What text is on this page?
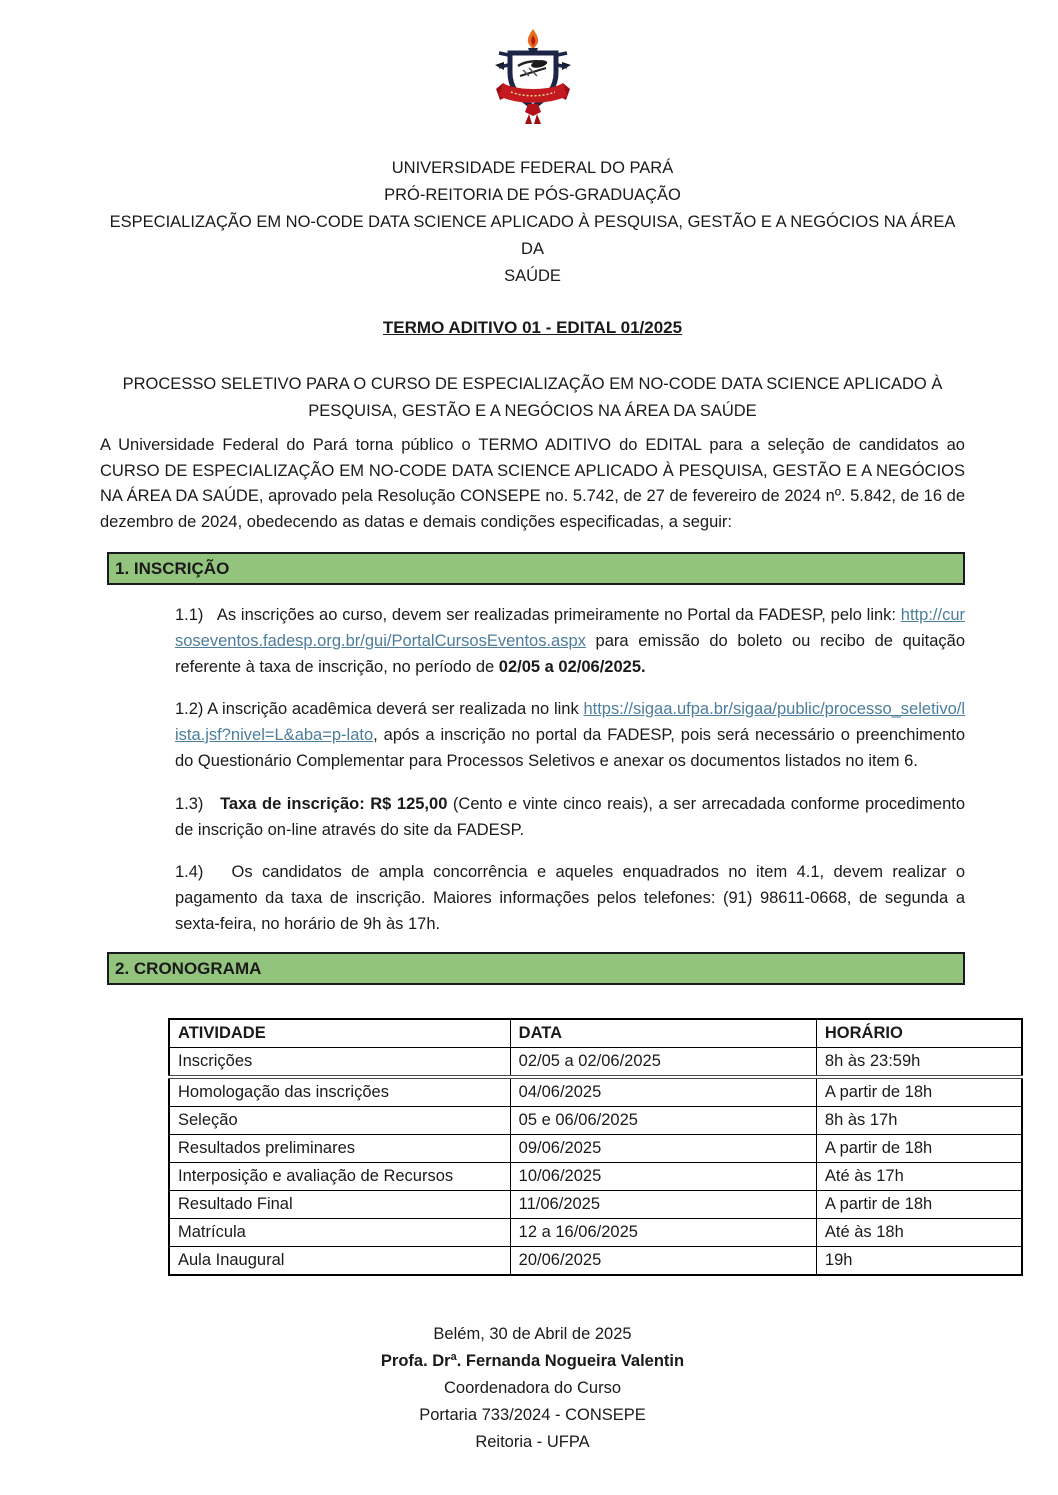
UNIVERSIDADE FEDERAL DO PARÁ
PRÓ-REITORIA DE PÓS-GRADUAÇÃO
ESPECIALIZAÇÃO EM NO-CODE DATA SCIENCE APLICADO À PESQUISA, GESTÃO E A NEGÓCIOS NA ÁREA DA
SAÚDE
TERMO ADITIVO 01 - EDITAL 01/2025
PROCESSO SELETIVO PARA O CURSO DE ESPECIALIZAÇÃO EM NO-CODE DATA SCIENCE APLICADO À
PESQUISA, GESTÃO E A NEGÓCIOS NA ÁREA DA SAÚDE

A Universidade Federal do Pará torna público o TERMO ADITIVO do EDITAL para a seleção de candidatos ao CURSO DE ESPECIALIZAÇÃO EM NO-CODE DATA SCIENCE APLICADO À PESQUISA, GESTÃO E A NEGÓCIOS NA ÁREA DA SAÚDE, aprovado pela Resolução CONSEPE no. 5.742, de 27 de fevereiro de 2024 nº. 5.842, de 16 de dezembro de 2024, obedecendo as datas e demais condições especificadas, a seguir:

1. INSCRIÇÃO

1.1)   As inscrições ao curso, devem ser realizadas primeiramente no Portal da FADESP, pelo link: http://cursoseventos.fadesp.org.br/gui/PortalCursosEventos.aspx para emissão do boleto ou recibo de quitação referente à taxa de inscrição, no período de 02/05 a 02/06/2025.

1.2) A inscrição acadêmica deverá ser realizada no link https://sigaa.ufpa.br/sigaa/public/processo_seletivo/lista.jsf?nivel=L&aba=p-lato, após a inscrição no portal da FADESP, pois será necessário o preenchimento do Questionário Complementar para Processos Seletivos e anexar os documentos listados no item 6.

1.3)   Taxa de inscrição: R$ 125,00 (Cento e vinte cinco reais), a ser arrecadada conforme procedimento de inscrição on-line através do site da FADESP.

1.4)   Os candidatos de ampla concorrência e aqueles enquadrados no item 4.1, devem realizar o pagamento da taxa de inscrição. Maiores informações pelos telefones: (91) 98611-0668, de segunda a sexta-feira, no horário de 9h às 17h.

2. CRONOGRAMA
ATIVIDADE	DATA	HORÁRIO
Inscrições	02/05 a 02/06/2025	8h às 23:59h
Homologação das inscrições	04/06/2025	A partir de 18h
Seleção	05 e 06/06/2025	8h às 17h
Resultados preliminares	09/06/2025	A partir de 18h
Interposição e avaliação de Recursos	10/06/2025	Até às 17h
Resultado Final	11/06/2025	A partir de 18h
Matrícula	12 a 16/06/2025	Até às 18h
Aula Inaugural	20/06/2025	19h
Belém, 30 de Abril de 2025
Profa. Drª. Fernanda Nogueira Valentin
Coordenadora do Curso
Portaria 733/2024 - CONSEPE
Reitoria - UFPA
